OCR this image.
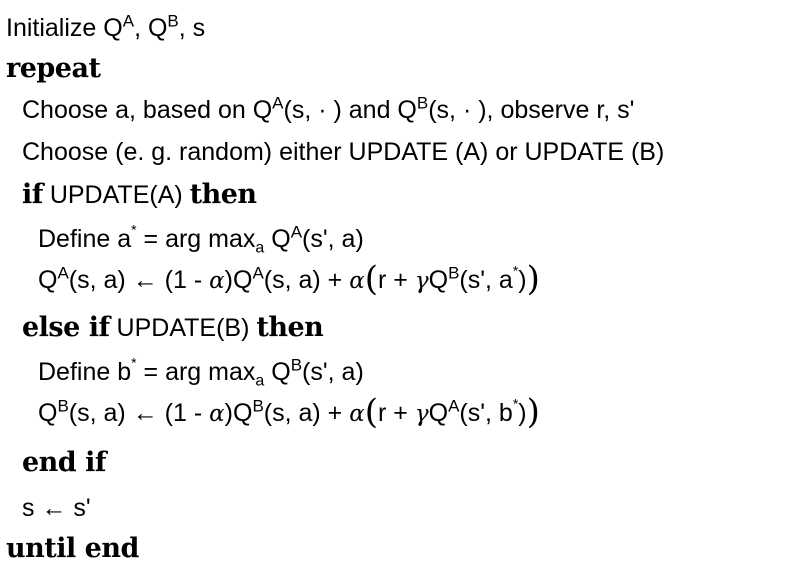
Initialize $Q^A$, $Q^B$, s
repeat
Choose a, based on $Q^A(s$, · ) and $Q^B(s$, · ), observe r, s'
Choose (e. g. random) either UPDATE (A) or UPDATE (B)
if UPDATE(A) then
Define a* = arg $\max_a Q^A(s'$, a)
$Q^A(s$, a) ← $(1 - \alpha)Q^A(s$, $a) + \alpha(r + \gamma Q^B(s'$, a*))
else if UPDATE(B) then
Define b* = arg $\max_a Q^B(s'$, a)
$Q^B(s$, a) ← $(1 - \alpha)Q^B(s$, $a) + \alpha(r + \gamma Q^A(s'$, b*))
end if
s ← s'
until end
